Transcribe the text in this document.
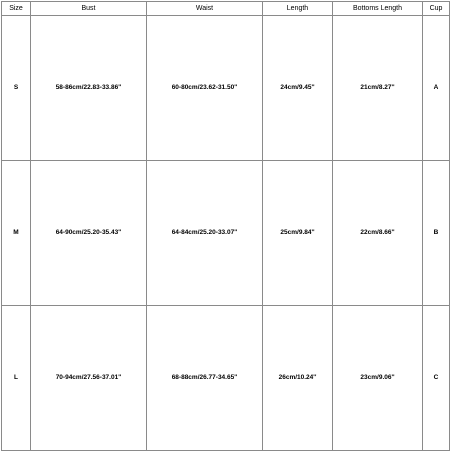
Size	Bust	Waist	Length	Bottoms Length	Cup
S	58-86cm/22.83-33.86''	60-80cm/23.62-31.50''	24cm/9.45''	21cm/8.27''	A
M	64-90cm/25.20-35.43''	64-84cm/25.20-33.07''	25cm/9.84''	22cm/8.66''	B
L	70-94cm/27.56-37.01''	68-88cm/26.77-34.65''	26cm/10.24''	23cm/9.06''	C
